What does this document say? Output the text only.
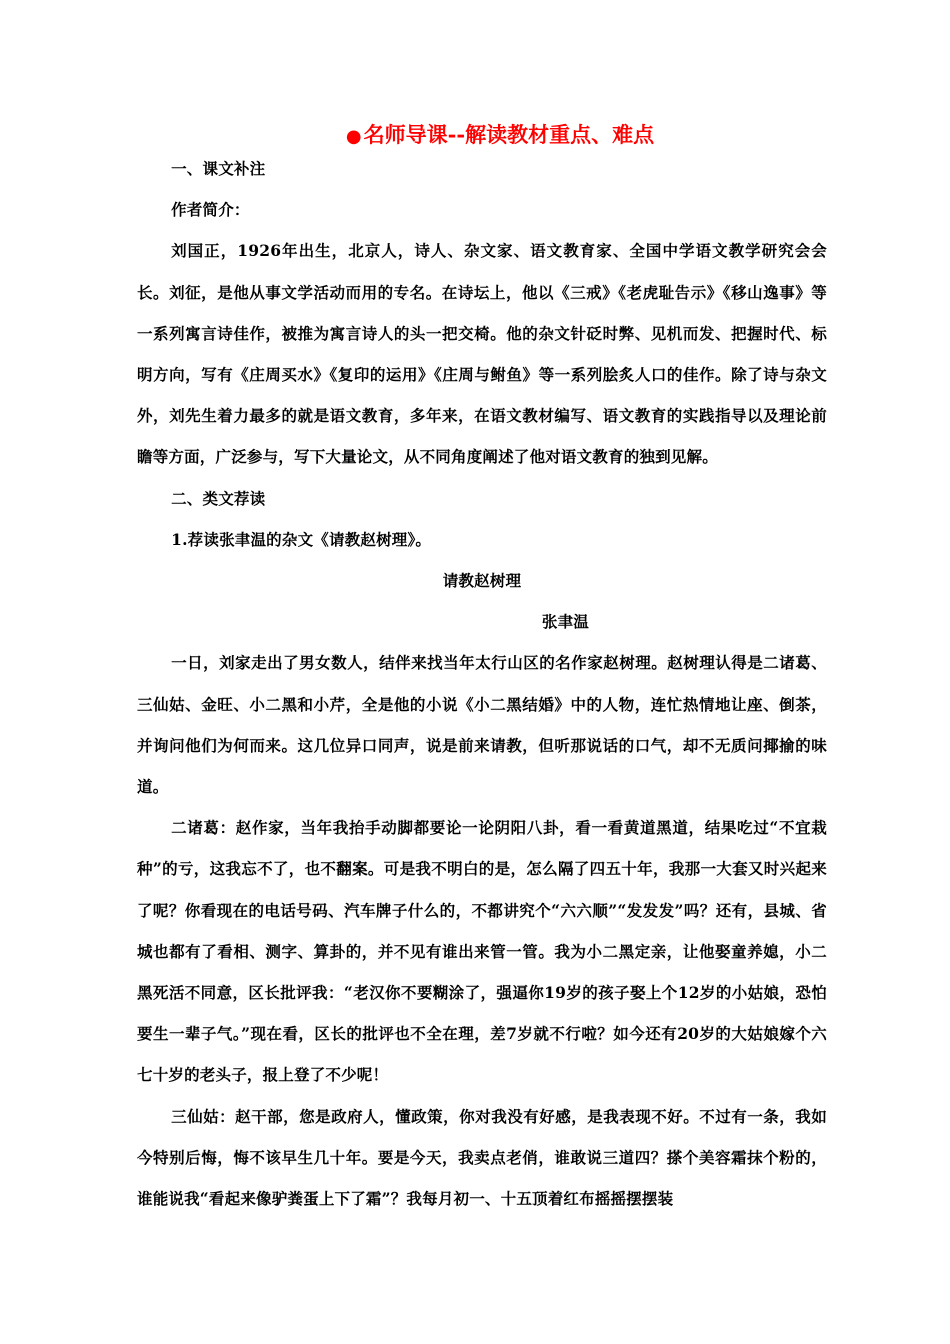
●名师导课--解读教材重点、难点

一、课文补注

作者简介：

刘国正，1926年出生，北京人，诗人、杂文家、语文教育家、全国中学语文教学研究会会长。刘征，是他从事文学活动而用的专名。在诗坛上，他以《三戒》《老虎耻告示》《移山逸事》等一系列寓言诗佳作，被推为寓言诗人的头一把交椅。他的杂文针砭时弊、见机而发、把握时代、标明方向，写有《庄周买水》《复印的运用》《庄周与鲋鱼》等一系列脍炙人口的佳作。除了诗与杂文外，刘先生着力最多的就是语文教育，多年来，在语文教材编写、语文教育的实践指导以及理论前瞻等方面，广泛参与，写下大量论文，从不同角度阐述了他对语文教育的独到见解。

二、类文荐读

1.荐读张聿温的杂文《请教赵树理》。

请教赵树理

张聿温

一日，刘家走出了男女数人，结伴来找当年太行山区的名作家赵树理。赵树理认得是二诸葛、三仙姑、金旺、小二黑和小芹，全是他的小说《小二黑结婚》中的人物，连忙热情地让座、倒茶，并询问他们为何而来。这几位异口同声，说是前来请教，但听那说话的口气，却不无质问揶揄的味道。

二诸葛：赵作家，当年我抬手动脚都要论一论阴阳八卦，看一看黄道黑道，结果吃过“不宜栽种”的亏，这我忘不了，也不翻案。可是我不明白的是，怎么隔了四五十年，我那一大套又时兴起来了呢？你看现在的电话号码、汽车牌子什么的，不都讲究个“六六顺”“发发发”吗？还有，县城、省城也都有了看相、测字、算卦的，并不见有谁出来管一管。我为小二黑定亲，让他娶童养媳，小二黑死活不同意，区长批评我：“老汉你不要糊涂了，强逼你19岁的孩子娶上个12岁的小姑娘，恐怕要生一辈子气。”现在看，区长的批评也不全在理，差7岁就不行啦？如今还有20岁的大姑娘嫁个六七十岁的老头子，报上登了不少呢！

三仙姑：赵干部，您是政府人，懂政策，你对我没有好感，是我表现不好。不过有一条，我如今特别后悔，悔不该早生几十年。要是今天，我卖点老俏，谁敢说三道四？搽个美容霜抹个粉的，谁能说我“看起来像驴粪蛋上下了霜”？我每月初一、十五顶着红布摇摇摆摆装
